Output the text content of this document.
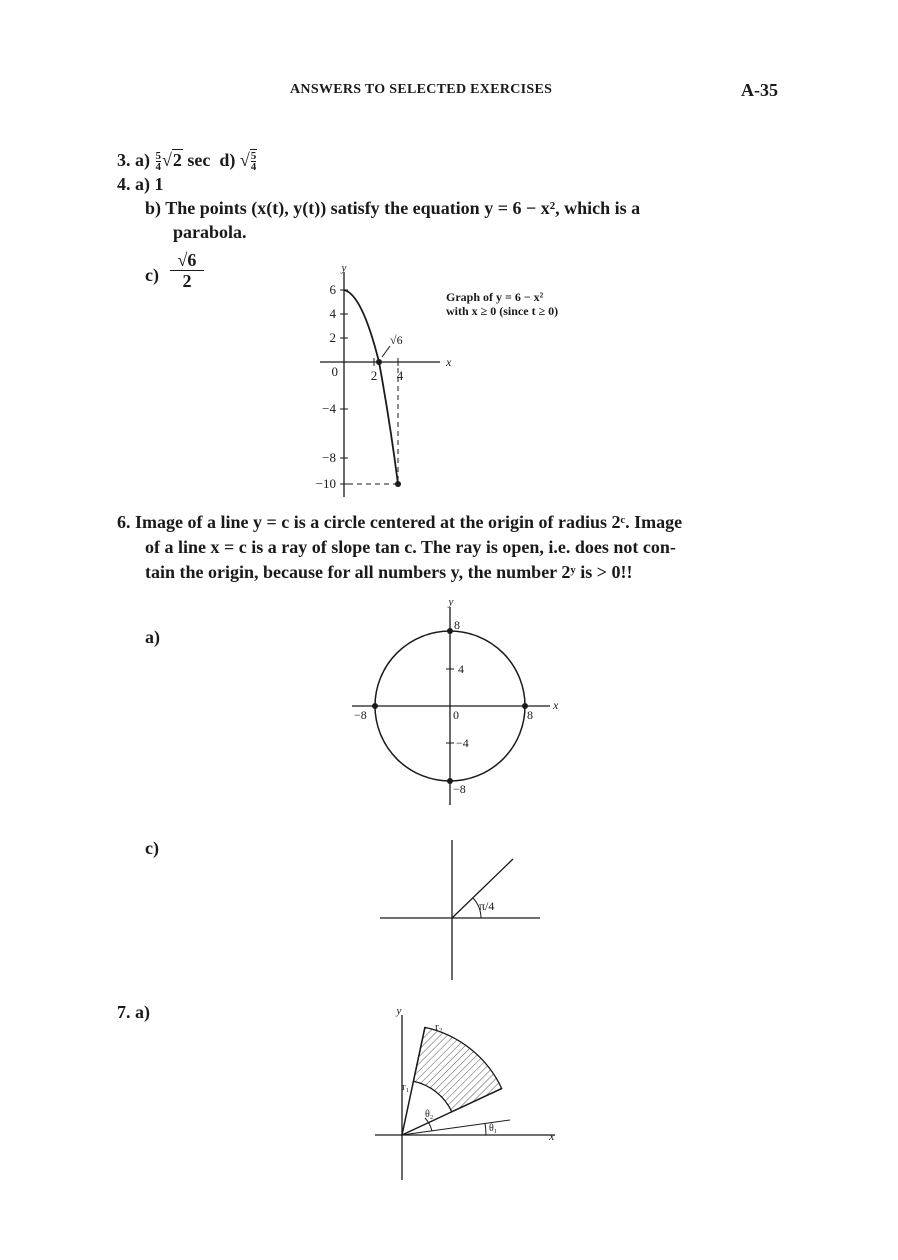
ANSWERS TO SELECTED EXERCISES	A-35
3. $a) \frac{5}{4} √2$ sec d) √ $\frac{5}{4}$
4. a) 1
b) The points (x(t), y(t)) satisfy the equation y = 6 − x², which is a
parabola.
c)
√6
2
y
x
6
4
2
0
−4
−8
−10
2 4
√6
Graph of y = 6 − x²
with x ≥ 0 (since t ≥ 0)
6. Image of a line y = c is a circle centered at the origin of radius 2ᶜ. Image
of a line x = c is a ray of slope tan c. The ray is open, i.e. does not con-
tain the origin, because for all numbers y, the number 2ʸ is > 0!!
a)
y
x
8
4
0
−4
−8
−8	8
c)
π/4
7. a)	y
x
r₂
r₁
θ₂
θ₁
